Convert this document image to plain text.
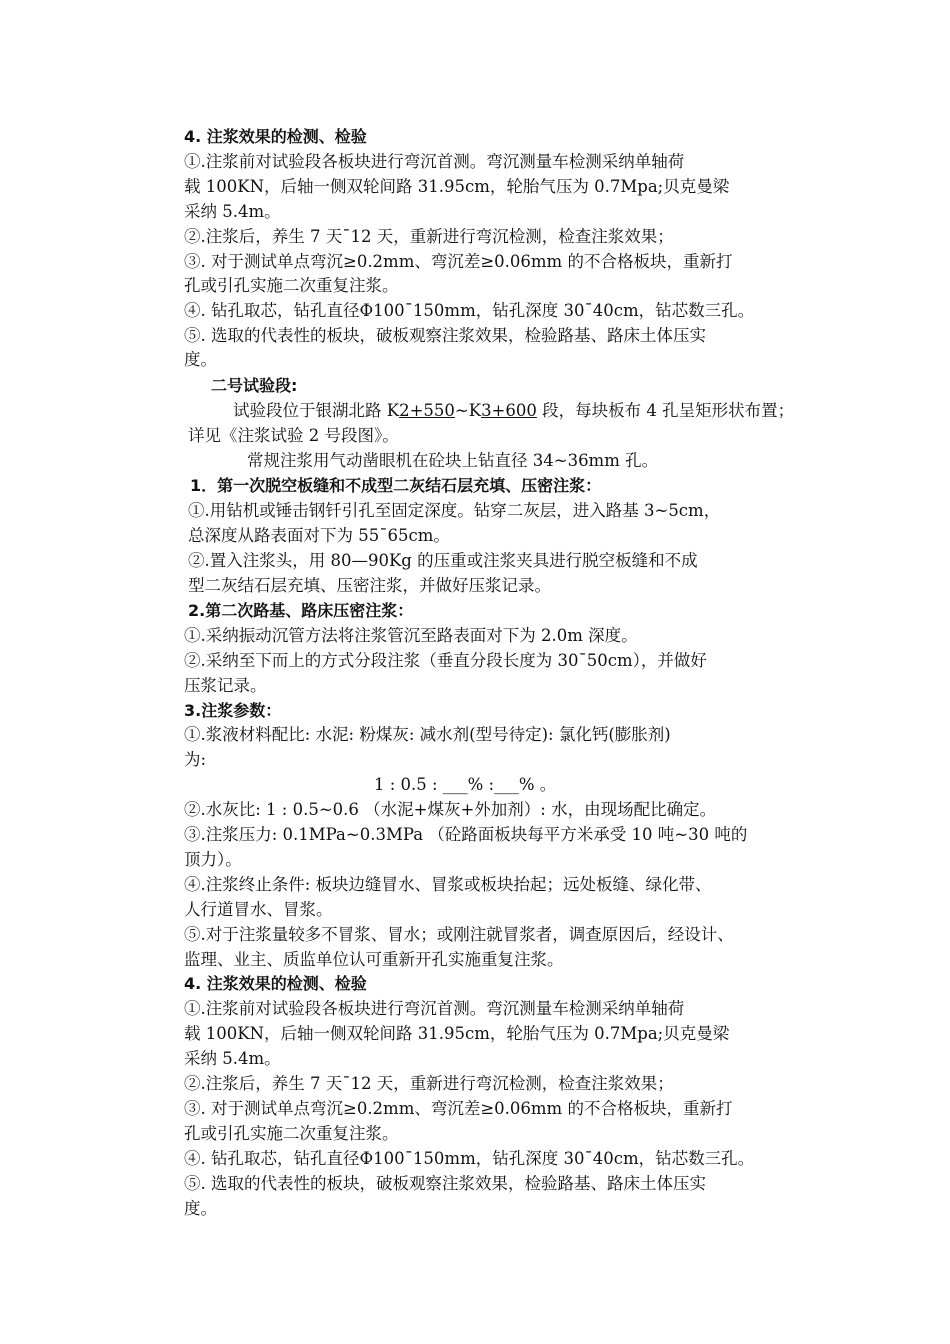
4. 注浆效果的检测、检验
①.注浆前对试验段各板块进行弯沉首测。弯沉测量车检测采纳单轴荷
载 100KN，后轴一侧双轮间路 31.95cm，轮胎气压为 0.7Mpa;贝克曼梁
采纳 5.4m。
②.注浆后，养生 7 天¯12 天，重新进行弯沉检测，检查注浆效果；
③. 对于测试单点弯沉≥0.2mm、弯沉差≥0.06mm 的不合格板块，重新打
孔或引孔实施二次重复注浆。
④. 钻孔取芯，钻孔直径Ф100¯150mm，钻孔深度 30¯40cm，钻芯数三孔。
⑤. 选取的代表性的板块，破板观察注浆效果，检验路基、路床土体压实
度。
二号试验段:
试验段位于银湖北路 K2+550~K3+600 段，每块板布 4 孔呈矩形状布置；
详见《注浆试验 2 号段图》。
常规注浆用气动凿眼机在砼块上钻直径 34~36mm 孔。
1．第一次脱空板缝和不成型二灰结石层充填、压密注浆：
①.用钻机或锤击钢钎引孔至固定深度。钻穿二灰层，进入路基 3~5cm，
总深度从路表面对下为 55¯65cm。
②.置入注浆头，用 80—90Kg 的压重或注浆夹具进行脱空板缝和不成
型二灰结石层充填、压密注浆，并做好压浆记录。
2.第二次路基、路床压密注浆：
①.采纳振动沉管方法将注浆管沉至路表面对下为 2.0m 深度。
②.采纳至下而上的方式分段注浆（垂直分段长度为 30¯50cm），并做好
压浆记录。
3.注浆参数：
①.浆液材料配比: 水泥: 粉煤灰: 减水剂(型号待定): 氯化钙(膨胀剂)
为:
1 : 0.5 : ___% :___% 。
②.水灰比: 1 : 0.5~0.6 （水泥+煤灰+外加剂）: 水，由现场配比确定。
③.注浆压力: 0.1MPa~0.3MPa （砼路面板块每平方米承受 10 吨~30 吨的
顶力）。
④.注浆终止条件: 板块边缝冒水、冒浆或板块抬起；远处板缝、绿化带、
人行道冒水、冒浆。
⑤.对于注浆量较多不冒浆、冒水；或刚注就冒浆者，调查原因后，经设计、
监理、业主、质监单位认可重新开孔实施重复注浆。
4. 注浆效果的检测、检验
①.注浆前对试验段各板块进行弯沉首测。弯沉测量车检测采纳单轴荷
载 100KN，后轴一侧双轮间路 31.95cm，轮胎气压为 0.7Mpa;贝克曼梁
采纳 5.4m。
②.注浆后，养生 7 天¯12 天，重新进行弯沉检测，检查注浆效果；
③. 对于测试单点弯沉≥0.2mm、弯沉差≥0.06mm 的不合格板块，重新打
孔或引孔实施二次重复注浆。
④. 钻孔取芯，钻孔直径Ф100¯150mm，钻孔深度 30¯40cm，钻芯数三孔。
⑤. 选取的代表性的板块，破板观察注浆效果，检验路基、路床土体压实
度。
